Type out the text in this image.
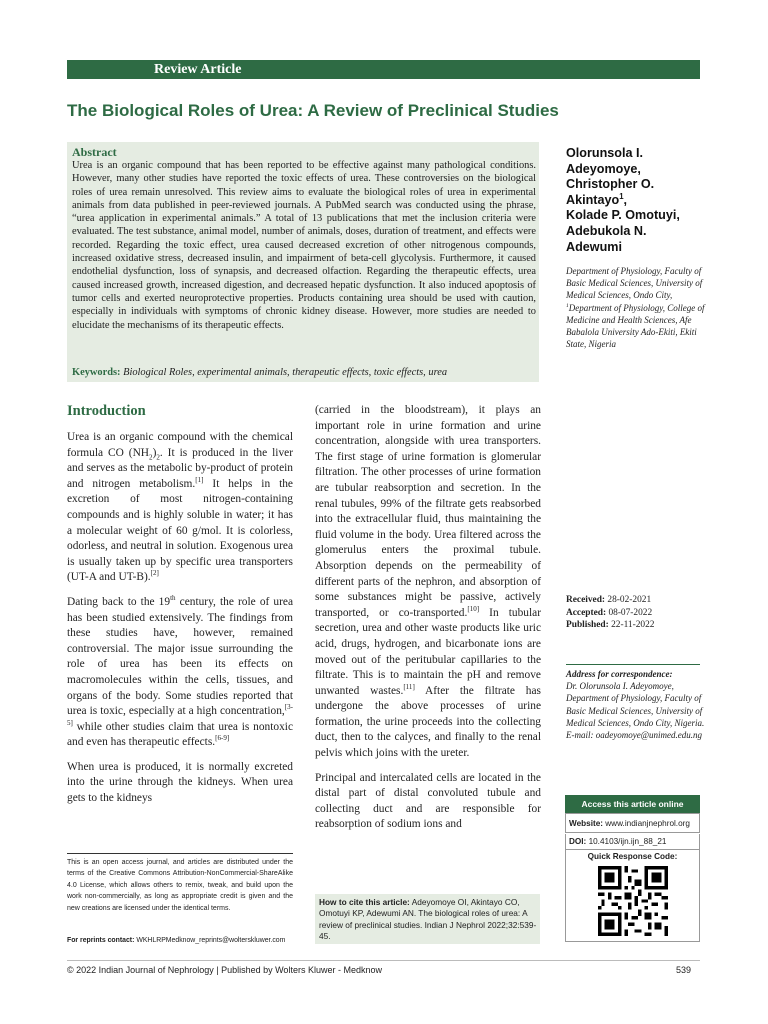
Review Article
The Biological Roles of Urea: A Review of Preclinical Studies
Abstract
Urea is an organic compound that has been reported to be effective against many pathological conditions. However, many other studies have reported the toxic effects of urea. These controversies on the biological roles of urea remain unresolved. This review aims to evaluate the biological roles of urea in experimental animals from data published in peer-reviewed journals. A PubMed search was conducted using the phrase, “urea application in experimental animals.” A total of 13 publications that met the inclusion criteria were evaluated. The test substance, animal model, number of animals, doses, duration of treatment, and effects were recorded. Regarding the toxic effect, urea caused decreased excretion of other nitrogenous compounds, increased oxidative stress, decreased insulin, and impairment of beta-cell glycolysis. Furthermore, it caused endothelial dysfunction, loss of synapsis, and decreased olfaction. Regarding the therapeutic effects, urea caused increased growth, increased digestion, and decreased hepatic dysfunction. It also induced apoptosis of tumor cells and exerted neuroprotective properties. Products containing urea should be used with caution, especially in individuals with symptoms of chronic kidney disease. However, more studies are needed to elucidate the mechanisms of its therapeutic effects.
Keywords: Biological Roles, experimental animals, therapeutic effects, toxic effects, urea
Olorunsola I.
Adeyomoye,
Christopher O.
Akintayo$^1$,
Kolade P. Omotuyi,
Adebukola N.
Adewumi
Department of Physiology, Faculty of Basic Medical Sciences, University of Medical Sciences, Ondo City, $^1$Department of Physiology, College of Medicine and Health Sciences, Afe Babalola University Ado-Ekiti, Ekiti State, Nigeria
Introduction

Urea is an organic compound with the chemical formula CO $(NH_2)_2$. It is produced in the liver and serves as the metabolic by-product of protein and nitrogen metabolism.[1] It helps in the excretion of most nitrogen-containing compounds and is highly soluble in water; it has a molecular weight of 60 g/mol. It is colorless, odorless, and neutral in solution. Exogenous urea is usually taken up by specific urea transporters (UT-A and UT-B).[2]

Dating back to the 19th century, the role of urea has been studied extensively. The findings from these studies have, however, remained controversial. The major issue surrounding the role of urea has been its effects on macromolecules within the cells, tissues, and organs of the body. Some studies reported that urea is toxic, especially at a high concentration,[3-5] while other studies claim that urea is nontoxic and even has therapeutic effects.[6-9]

When urea is produced, it is normally excreted into the urine through the kidneys. When urea gets to the kidneys

(carried in the bloodstream), it plays an important role in urine formation and urine concentration, alongside with urea transporters. The first stage of urine formation is glomerular filtration. The other processes of urine formation are tubular reabsorption and secretion. In the renal tubules, 99% of the filtrate gets reabsorbed into the extracellular fluid, thus maintaining the fluid volume in the body. Urea filtered across the glomerulus enters the proximal tubule. Absorption depends on the permeability of different parts of the nephron, and absorption of some substances might be passive, actively transported, or co-transported.[10] In tubular secretion, urea and other waste products like uric acid, drugs, hydrogen, and bicarbonate ions are moved out of the peritubular capillaries to the filtrate. This is to maintain the pH and remove unwanted wastes.[11] After the filtrate has undergone the above processes of urine formation, the urine proceeds into the collecting duct, then to the calyces, and finally to the renal pelvis which joins with the ureter.

Principal and intercalated cells are located in the distal part of distal convoluted tubule and collecting duct and are responsible for reabsorption of sodium ions and

Received: 28-02-2021
Accepted: 08-07-2022
Published: 22-11-2022
Address for correspondence:
Dr. Olorunsola I. Adeyomoye, Department of Physiology, Faculty of Basic Medical Sciences, University of Medical Sciences, Ondo City, Nigeria.
E-mail: oadeyomoye@unimed.edu.ng
Access this article online
Website: www.indianjnephrol.org
DOI: 10.4103/ijn.ijn_88_21
Quick Response Code:
How to cite this article: Adeyomoye OI, Akintayo CO, Omotuyi KP, Adewumi AN. The biological roles of urea: A review of preclinical studies. Indian J Nephrol 2022;32:539-45.
This is an open access journal, and articles are distributed under the terms of the Creative Commons Attribution-NonCommercial-ShareAlike 4.0 License, which allows others to remix, tweak, and build upon the work non-commercially, as long as appropriate credit is given and the new creations are licensed under the identical terms.
For reprints contact: WKHLRPMedknow_reprints@wolterskluwer.com
© 2022 Indian Journal of Nephrology | Published by Wolters Kluwer - Medknow	539
